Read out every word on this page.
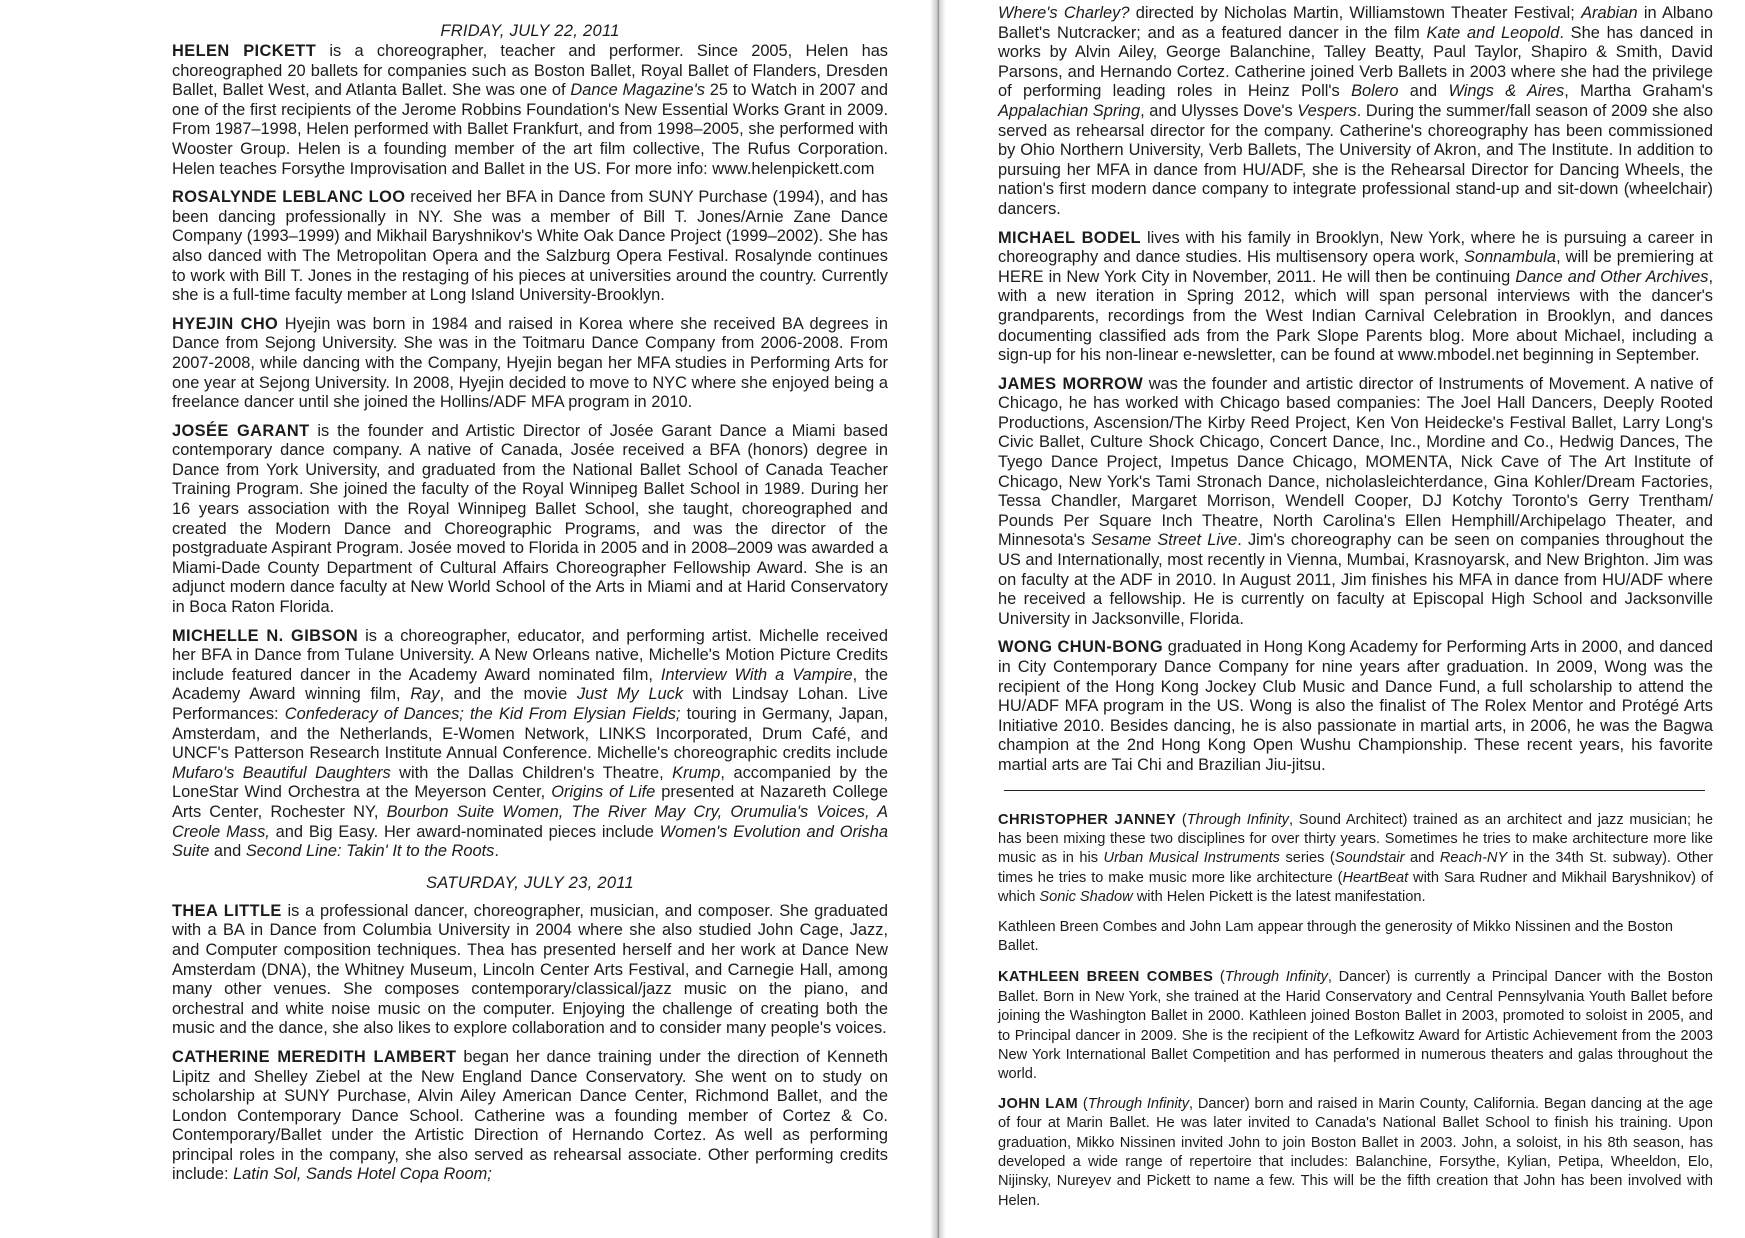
FRIDAY, JULY 22, 2011

HELEN PICKETT is a choreographer, teacher and performer. Since 2005, Helen has choreographed 20 ballets for companies such as Boston Ballet, Royal Ballet of Flanders, Dresden Ballet, Ballet West, and Atlanta Ballet. She was one of Dance Magazine's 25 to Watch in 2007 and one of the first recipients of the Jerome Robbins Foundation's New Essential Works Grant in 2009. From 1987–1998, Helen performed with Ballet Frankfurt, and from 1998–2005, she performed with Wooster Group. Helen is a founding member of the art film collective, The Rufus Corporation. Helen teaches Forsythe Improvisation and Ballet in the US. For more info: www.helenpickett.com

ROSALYNDE LEBLANC LOO received her BFA in Dance from SUNY Purchase (1994), and has been dancing professionally in NY. She was a member of Bill T. Jones/Arnie Zane Dance Company (1993–1999) and Mikhail Baryshnikov's White Oak Dance Project (1999–2002). She has also danced with The Metropolitan Opera and the Salzburg Opera Festival. Rosalynde continues to work with Bill T. Jones in the restaging of his pieces at universities around the country. Currently she is a full-time faculty member at Long Island University-Brooklyn.

HYEJIN CHO Hyejin was born in 1984 and raised in Korea where she received BA degrees in Dance from Sejong University. She was in the Toitmaru Dance Company from 2006-2008. From 2007-2008, while dancing with the Company, Hyejin began her MFA studies in Performing Arts for one year at Sejong University. In 2008, Hyejin decided to move to NYC where she enjoyed being a freelance dancer until she joined the Hollins/ADF MFA program in 2010.

JOSÉE GARANT is the founder and Artistic Director of Josée Garant Dance a Miami based contemporary dance company. A native of Canada, Josée received a BFA (honors) degree in Dance from York University, and graduated from the National Ballet School of Canada Teacher Training Program. She joined the faculty of the Royal Winnipeg Ballet School in 1989. During her 16 years association with the Royal Winnipeg Ballet School, she taught, choreographed and created the Modern Dance and Choreographic Programs, and was the director of the postgraduate Aspirant Program. Josée moved to Florida in 2005 and in 2008–2009 was awarded a Miami-Dade County Department of Cultural Affairs Choreographer Fellowship Award. She is an adjunct modern dance faculty at New World School of the Arts in Miami and at Harid Conservatory in Boca Raton Florida.

MICHELLE N. GIBSON is a choreographer, educator, and performing artist. Michelle received her BFA in Dance from Tulane University. A New Orleans native, Michelle's Motion Picture Credits include featured dancer in the Academy Award nominated film, Interview With a Vampire, the Academy Award winning film, Ray, and the movie Just My Luck with Lindsay Lohan. Live Performances: Confederacy of Dances; the Kid From Elysian Fields; touring in Germany, Japan, Amsterdam, and the Netherlands, E-Women Network, LINKS Incorporated, Drum Café, and UNCF's Patterson Research Institute Annual Conference. Michelle's choreographic credits include Mufaro's Beautiful Daughters with the Dallas Children's Theatre, Krump, accompanied by the LoneStar Wind Orchestra at the Meyerson Center, Origins of Life presented at Nazareth College Arts Center, Rochester NY, Bourbon Suite Women, The River May Cry, Orumulia's Voices, A Creole Mass, and Big Easy. Her award-nominated pieces include Women's Evolution and Orisha Suite and Second Line: Takin' It to the Roots.

SATURDAY, JULY 23, 2011

THEA LITTLE is a professional dancer, choreographer, musician, and composer. She graduated with a BA in Dance from Columbia University in 2004 where she also studied John Cage, Jazz, and Computer composition techniques. Thea has presented herself and her work at Dance New Amsterdam (DNA), the Whitney Museum, Lincoln Center Arts Festival, and Carnegie Hall, among many other venues. She composes contemporary/classical/jazz music on the piano, and orchestral and white noise music on the computer. Enjoying the challenge of creating both the music and the dance, she also likes to explore collaboration and to consider many people's voices.

CATHERINE MEREDITH LAMBERT began her dance training under the direction of Kenneth Lipitz and Shelley Ziebel at the New England Dance Conservatory. She went on to study on scholarship at SUNY Purchase, Alvin Ailey American Dance Center, Richmond Ballet, and the London Contemporary Dance School. Catherine was a founding member of Cortez & Co. Contemporary/Ballet under the Artistic Direction of Hernando Cortez. As well as performing principal roles in the company, she also served as rehearsal associate. Other performing credits include: Latin Sol, Sands Hotel Copa Room;

Where's Charley? directed by Nicholas Martin, Williamstown Theater Festival; Arabian in Albano Ballet's Nutcracker; and as a featured dancer in the film Kate and Leopold. She has danced in works by Alvin Ailey, George Balanchine, Talley Beatty, Paul Taylor, Shapiro & Smith, David Parsons, and Hernando Cortez. Catherine joined Verb Ballets in 2003 where she had the privilege of performing leading roles in Heinz Poll's Bolero and Wings & Aires, Martha Graham's Appalachian Spring, and Ulysses Dove's Vespers. During the summer/fall season of 2009 she also served as rehearsal director for the company. Catherine's choreography has been commissioned by Ohio Northern University, Verb Ballets, The University of Akron, and The Institute. In addition to pursuing her MFA in dance from HU/ADF, she is the Rehearsal Director for Dancing Wheels, the nation's first modern dance company to integrate professional stand-up and sit-down (wheelchair) dancers.

MICHAEL BODEL lives with his family in Brooklyn, New York, where he is pursuing a career in choreography and dance studies. His multisensory opera work, Sonnambula, will be premiering at HERE in New York City in November, 2011. He will then be continuing Dance and Other Archives, with a new iteration in Spring 2012, which will span personal interviews with the dancer's grandparents, recordings from the West Indian Carnival Celebration in Brooklyn, and dances documenting classified ads from the Park Slope Parents blog. More about Michael, including a sign-up for his non-linear e-newsletter, can be found at www.mbodel.net beginning in September.

JAMES MORROW was the founder and artistic director of Instruments of Movement. A native of Chicago, he has worked with Chicago based companies: The Joel Hall Dancers, Deeply Rooted Productions, Ascension/The Kirby Reed Project, Ken Von Heidecke's Festival Ballet, Larry Long's Civic Ballet, Culture Shock Chicago, Concert Dance, Inc., Mordine and Co., Hedwig Dances, The Tyego Dance Project, Impetus Dance Chicago, MOMENTA, Nick Cave of The Art Institute of Chicago, New York's Tami Stronach Dance, nicholasleichterdance, Gina Kohler/Dream Factories, Tessa Chandler, Margaret Morrison, Wendell Cooper, DJ Kotchy Toronto's Gerry Trentham/ Pounds Per Square Inch Theatre, North Carolina's Ellen Hemphill/Archipelago Theater, and Minnesota's Sesame Street Live. Jim's choreography can be seen on companies throughout the US and Internationally, most recently in Vienna, Mumbai, Krasnoyarsk, and New Brighton. Jim was on faculty at the ADF in 2010. In August 2011, Jim finishes his MFA in dance from HU/ADF where he received a fellowship. He is currently on faculty at Episcopal High School and Jacksonville University in Jacksonville, Florida.

WONG CHUN-BONG graduated in Hong Kong Academy for Performing Arts in 2000, and danced in City Contemporary Dance Company for nine years after graduation. In 2009, Wong was the recipient of the Hong Kong Jockey Club Music and Dance Fund, a full scholarship to attend the HU/ADF MFA program in the US. Wong is also the finalist of The Rolex Mentor and Protégé Arts Initiative 2010. Besides dancing, he is also passionate in martial arts, in 2006, he was the Bagwa champion at the 2nd Hong Kong Open Wushu Championship. These recent years, his favorite martial arts are Tai Chi and Brazilian Jiu-jitsu.

CHRISTOPHER JANNEY (Through Infinity, Sound Architect) trained as an architect and jazz musician; he has been mixing these two disciplines for over thirty years. Sometimes he tries to make architecture more like music as in his Urban Musical Instruments series (Soundstair and Reach-NY in the 34th St. subway). Other times he tries to make music more like architecture (HeartBeat with Sara Rudner and Mikhail Baryshnikov) of which Sonic Shadow with Helen Pickett is the latest manifestation.

Kathleen Breen Combes and John Lam appear through the generosity of Mikko Nissinen and the Boston Ballet.

KATHLEEN BREEN COMBES (Through Infinity, Dancer) is currently a Principal Dancer with the Boston Ballet. Born in New York, she trained at the Harid Conservatory and Central Pennsylvania Youth Ballet before joining the Washington Ballet in 2000. Kathleen joined Boston Ballet in 2003, promoted to soloist in 2005, and to Principal dancer in 2009. She is the recipient of the Lefkowitz Award for Artistic Achievement from the 2003 New York International Ballet Competition and has performed in numerous theaters and galas throughout the world.

JOHN LAM (Through Infinity, Dancer) born and raised in Marin County, California. Began dancing at the age of four at Marin Ballet. He was later invited to Canada's National Ballet School to finish his training. Upon graduation, Mikko Nissinen invited John to join Boston Ballet in 2003. John, a soloist, in his 8th season, has developed a wide range of repertoire that includes: Balanchine, Forsythe, Kylian, Petipa, Wheeldon, Elo, Nijinsky, Nureyev and Pickett to name a few. This will be the fifth creation that John has been involved with Helen.
